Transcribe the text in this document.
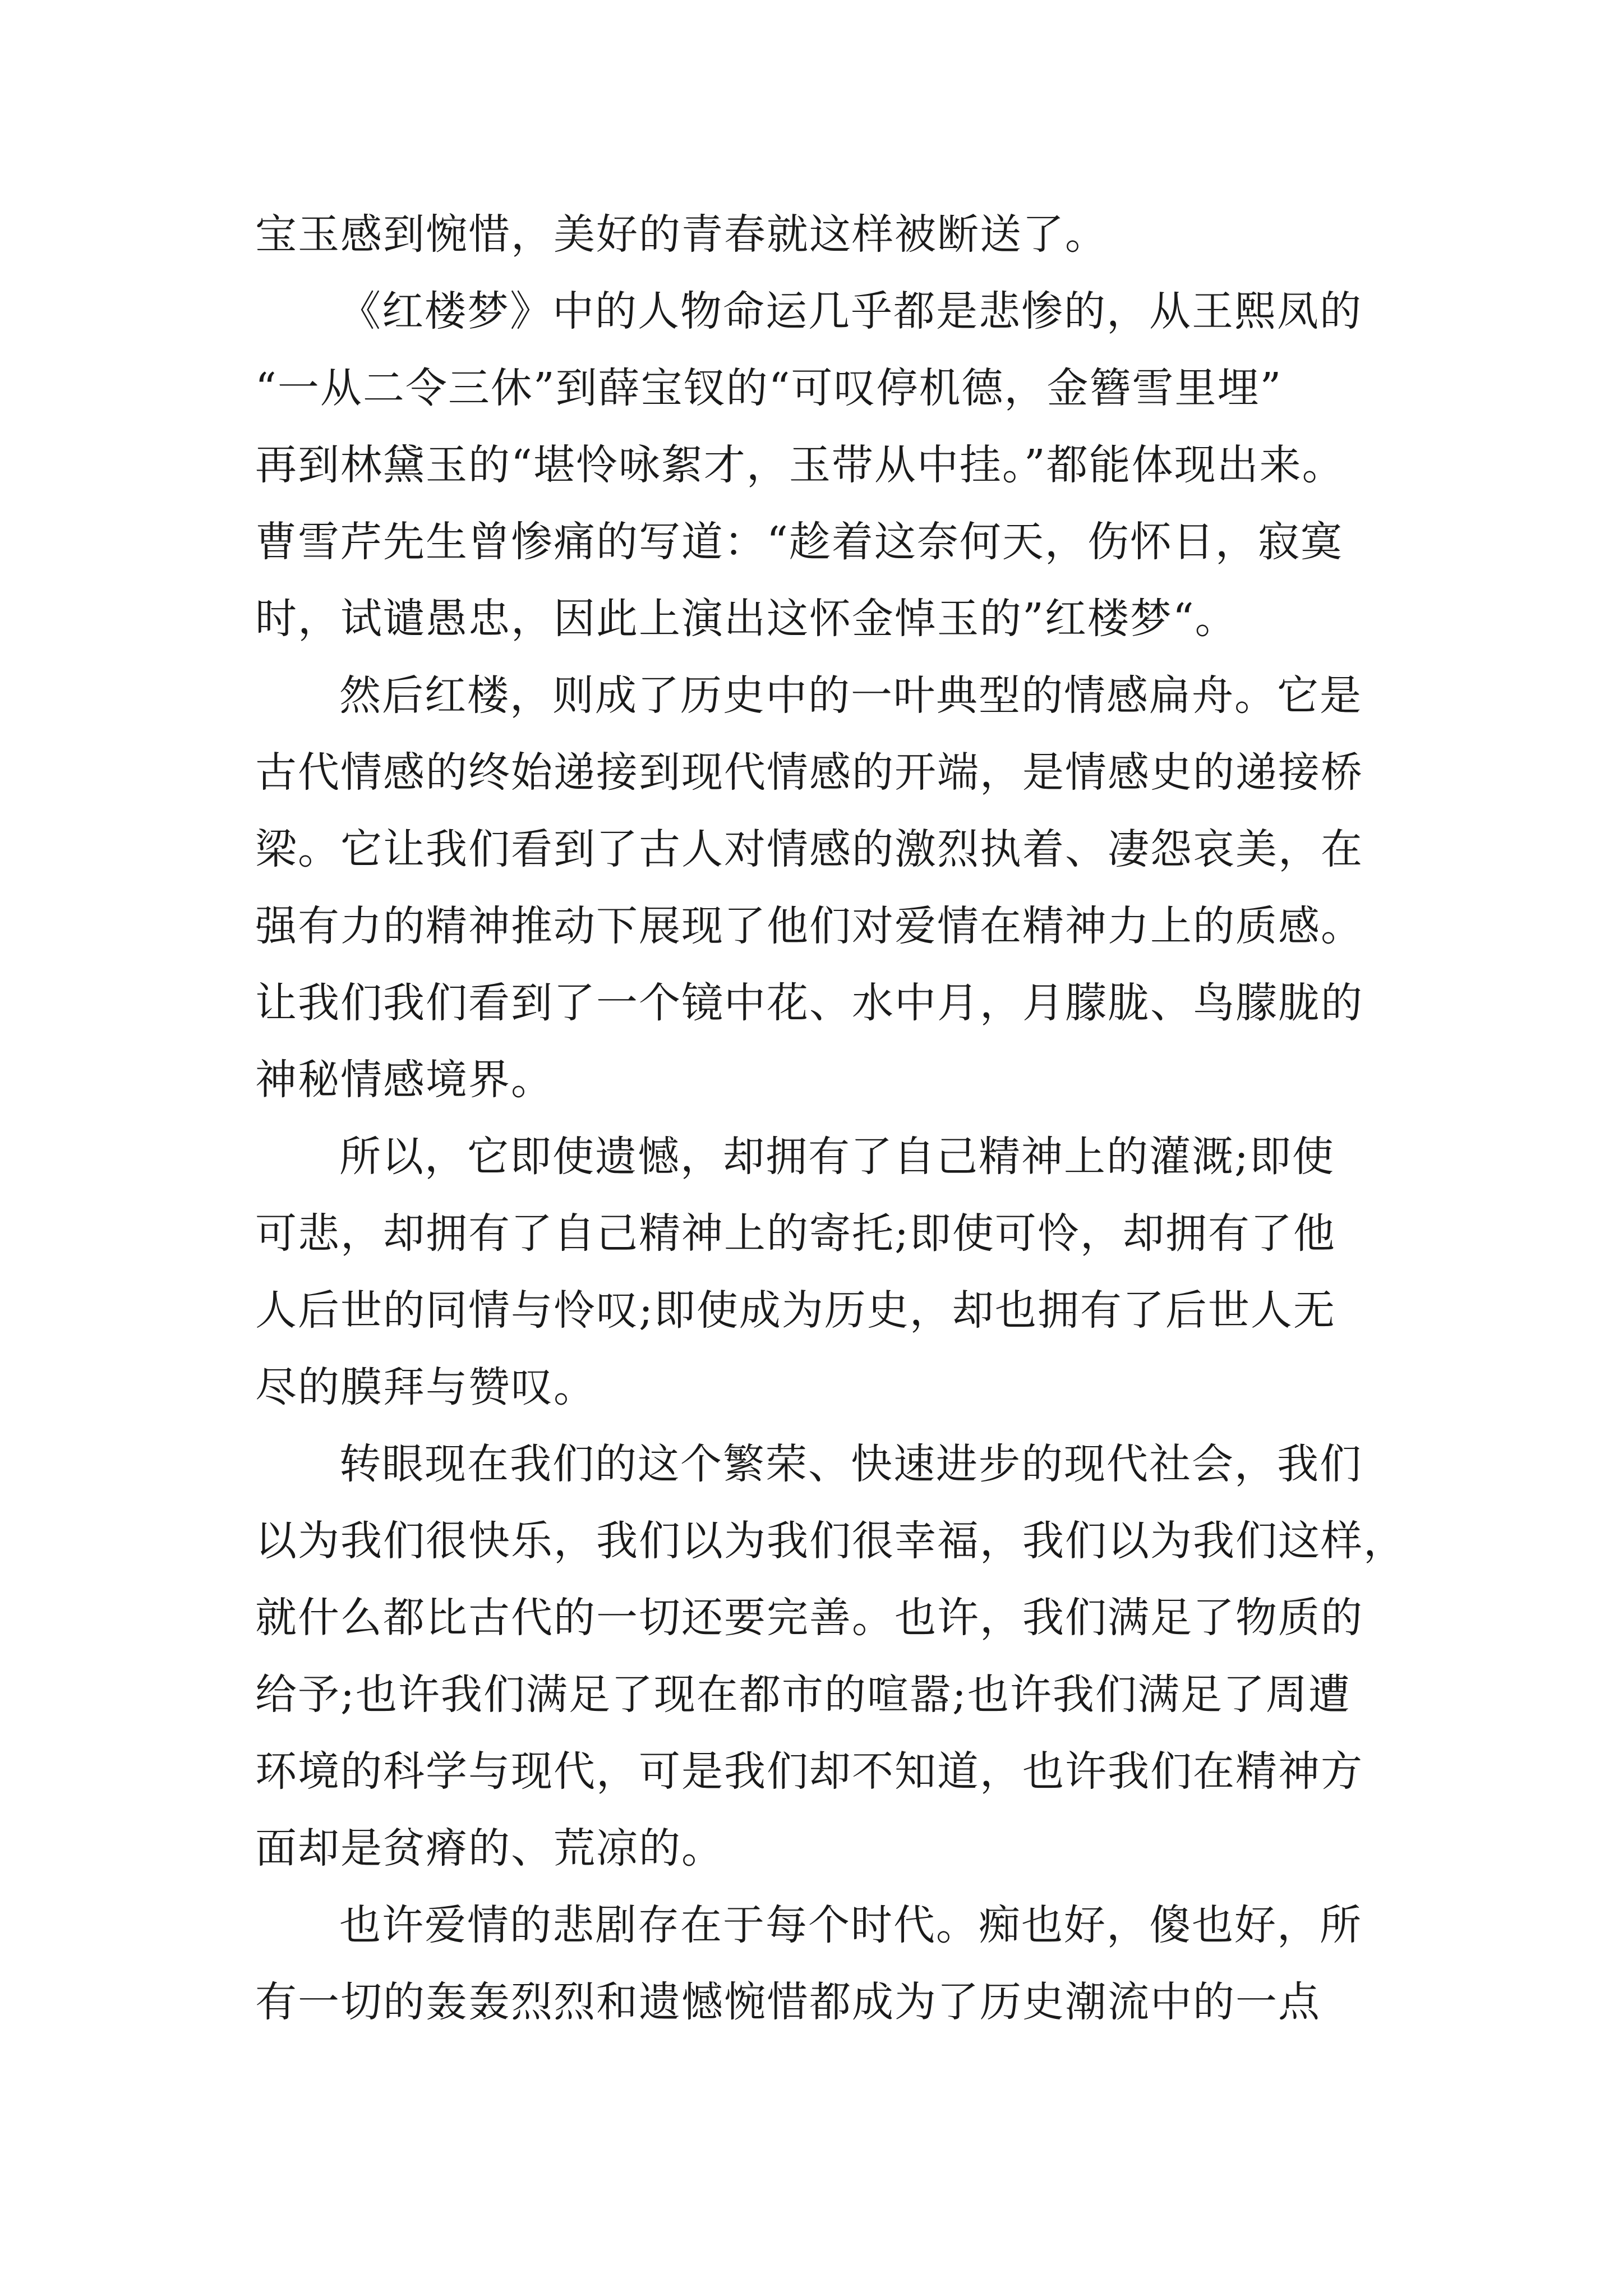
宝玉感到惋惜，美好的青春就这样被断送了。
《红楼梦》中的人物命运几乎都是悲惨的，从王熙凤的
“一从二令三休”到薛宝钗的“可叹停机德，金簪雪里埋”
再到林黛玉的“堪怜咏絮才，玉带从中挂。”都能体现出来。
曹雪芹先生曾惨痛的写道：“趁着这奈何天，伤怀日，寂寞
时，试谴愚忠，因此上演出这怀金悼玉的”红楼梦“。
然后红楼，则成了历史中的一叶典型的情感扁舟。它是
古代情感的终始递接到现代情感的开端，是情感史的递接桥
梁。它让我们看到了古人对情感的激烈执着、凄怨哀美，在
强有力的精神推动下展现了他们对爱情在精神力上的质感。
让我们我们看到了一个镜中花、水中月，月朦胧、鸟朦胧的
神秘情感境界。
所以，它即使遗憾，却拥有了自己精神上的灌溉;即使
可悲，却拥有了自己精神上的寄托;即使可怜，却拥有了他
人后世的同情与怜叹;即使成为历史，却也拥有了后世人无
尽的膜拜与赞叹。
转眼现在我们的这个繁荣、快速进步的现代社会，我们
以为我们很快乐，我们以为我们很幸福，我们以为我们这样，
就什么都比古代的一切还要完善。也许，我们满足了物质的
给予;也许我们满足了现在都市的喧嚣;也许我们满足了周遭
环境的科学与现代，可是我们却不知道，也许我们在精神方
面却是贫瘠的、荒凉的。
也许爱情的悲剧存在于每个时代。痴也好，傻也好，所
有一切的轰轰烈烈和遗憾惋惜都成为了历史潮流中的一点
